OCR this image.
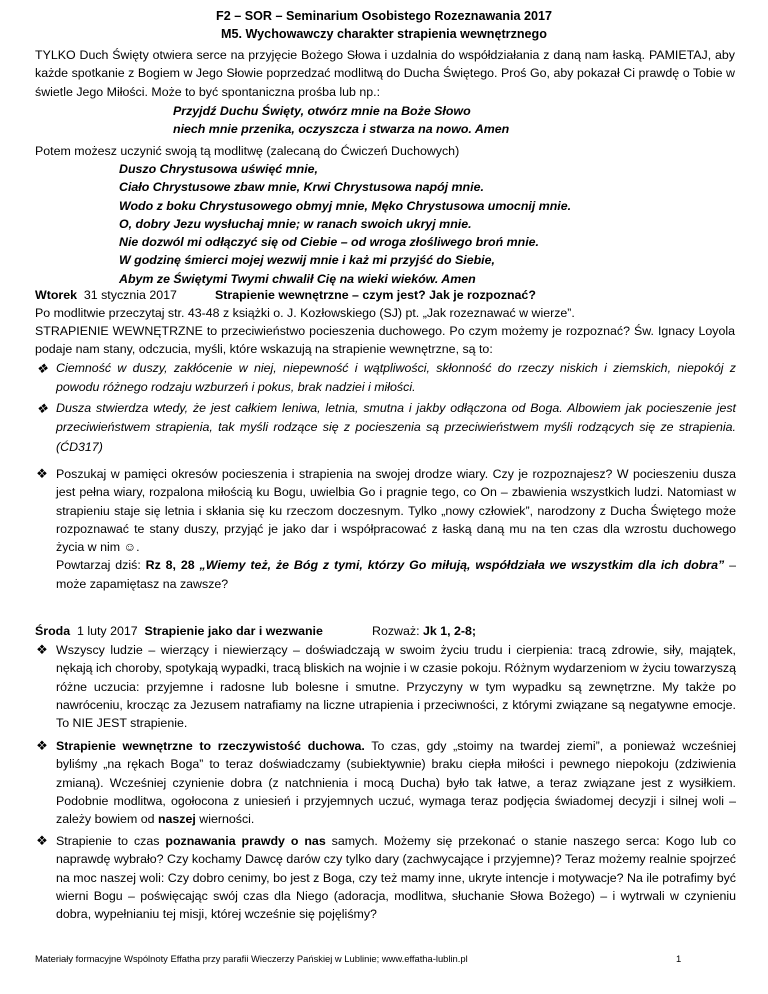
F2 – SOR – Seminarium Osobistego Rozeznawania 2017
M5. Wychowawczy charakter strapienia wewnętrznego
TYLKO Duch Święty otwiera serce na przyjęcie Bożego Słowa i uzdalnia do współdziałania z daną nam łaską. PAMIETAJ, aby każde spotkanie z Bogiem w Jego Słowie poprzedzać modlitwą do Ducha Świętego. Proś Go, aby pokazał Ci prawdę o Tobie w świetle Jego Miłości. Może to być spontaniczna prośba lub np.:
Przyjdź Duchu Święty, otwórz mnie na Boże Słowo
niech mnie przenika, oczyszcza i stwarza na nowo. Amen
Potem możesz uczynić swoją tą modlitwę (zalecaną do Ćwiczeń Duchowych)
Duszo Chrystusowa uświęć mnie,
Ciało Chrystusowe zbaw mnie, Krwi Chrystusowa napój mnie.
Wodo z boku Chrystusowego obmyj mnie, Męko Chrystusowa umocnij mnie.
O, dobry Jezu wysłuchaj mnie; w ranach swoich ukryj mnie.
Nie dozwól mi odłączyć się od Ciebie – od wroga złośliwego broń mnie.
W godzinę śmierci mojej wezwij mnie i każ mi przyjść do Siebie,
Abym ze Świętymi Twymi chwalił Cię na wieki wieków. Amen
Wtorek 31 stycznia 2017	Strapienie wewnętrzne – czym jest? Jak je rozpoznać?
Po modlitwie przeczytaj str. 43-48 z książki o. J. Kozłowskiego (SJ) pt. „Jak rozeznawać w wierze”.
STRAPIENIE WEWNĘTRZNE to przeciwieństwo pocieszenia duchowego. Po czym możemy je rozpoznać? Św. Ignacy Loyola podaje nam stany, odczucia, myśli, które wskazują na strapienie wewnętrzne, są to:
❖ Ciemność w duszy, zakłócenie w niej, niepewność i wątpliwości, skłonność do rzeczy niskich i ziemskich, niepokój z powodu różnego rodzaju wzburzeń i pokus, brak nadziei i miłości.
❖ Dusza stwierdza wtedy, że jest całkiem leniwa, letnia, smutna i jakby odłączona od Boga. Albowiem jak pocieszenie jest przeciwieństwem strapienia, tak myśli rodzące się z pocieszenia są przeciwieństwem myśli rodzących się ze strapienia. (ĆD317)
❖ Poszukaj w pamięci okresów pocieszenia i strapienia na swojej drodze wiary. Czy je rozpoznajesz? W pocieszeniu dusza jest pełna wiary, rozpalona miłością ku Bogu, uwielbia Go i pragnie tego, co On – zbawienia wszystkich ludzi. Natomiast w strapieniu staje się letnia i skłania się ku rzeczom doczesnym. Tylko „nowy człowiek”, narodzony z Ducha Świętego może rozpoznawać te stany duszy, przyjąć je jako dar i współpracować z łaską daną mu na ten czas dla wzrostu duchowego życia w nim ☺.
Powtarzaj dziś: Rz 8, 28 „Wiemy też, że Bóg z tymi, którzy Go miłują, współdziała we wszystkim dla ich dobra” – może zapamiętasz na zawsze?
Środa 1 luty 2017 Strapienie jako dar i wezwanie	Rozważ: Jk 1, 2-8;
❖ Wszyscy ludzie – wierzący i niewierzący – doświadczają w swoim życiu trudu i cierpienia: tracą zdrowie, siły, majątek, nękają ich choroby, spotykają wypadki, tracą bliskich na wojnie i w czasie pokoju. Różnym wydarzeniom w życiu towarzyszą różne uczucia: przyjemne i radosne lub bolesne i smutne. Przyczyny w tym wypadku są zewnętrzne. My także po nawróceniu, krocząc za Jezusem natrafiamy na liczne utrapienia i przeciwności, z którymi związane są negatywne emocje. To NIE JEST strapienie.
❖ Strapienie wewnętrzne to rzeczywistość duchowa. To czas, gdy „stoimy na twardej ziemi”, a ponieważ wcześniej byliśmy „na rękach Boga” to teraz doświadczamy (subiektywnie) braku ciepła miłości i pewnego niepokoju (zdziwienia zmianą). Wcześniej czynienie dobra (z natchnienia i mocą Ducha) było tak łatwe, a teraz związane jest z wysiłkiem. Podobnie modlitwa, ogołocona z uniesień i przyjemnych uczuć, wymaga teraz podjęcia świadomej decyzji i silnej woli – zależy bowiem od naszej wierności.
❖ Strapienie to czas poznawania prawdy o nas samych. Możemy się przekonać o stanie naszego serca: Kogo lub co naprawdę wybrało? Czy kochamy Dawcę darów czy tylko dary (zachwycające i przyjemne)? Teraz możemy realnie spojrzeć na moc naszej woli: Czy dobro cenimy, bo jest z Boga, czy też mamy inne, ukryte intencje i motywacje? Na ile potrafimy być wierni Bogu – poświęcając swój czas dla Niego (adoracja, modlitwa, słuchanie Słowa Bożego) – i wytrwali w czynieniu dobra, wypełnianiu tej misji, której wcześnie się pojęliśmy?
Materiały formacyjne Wspólnoty Effatha przy parafii Wieczerzy Pańskiej w Lublinie; www.effatha-lublin.pl	1
